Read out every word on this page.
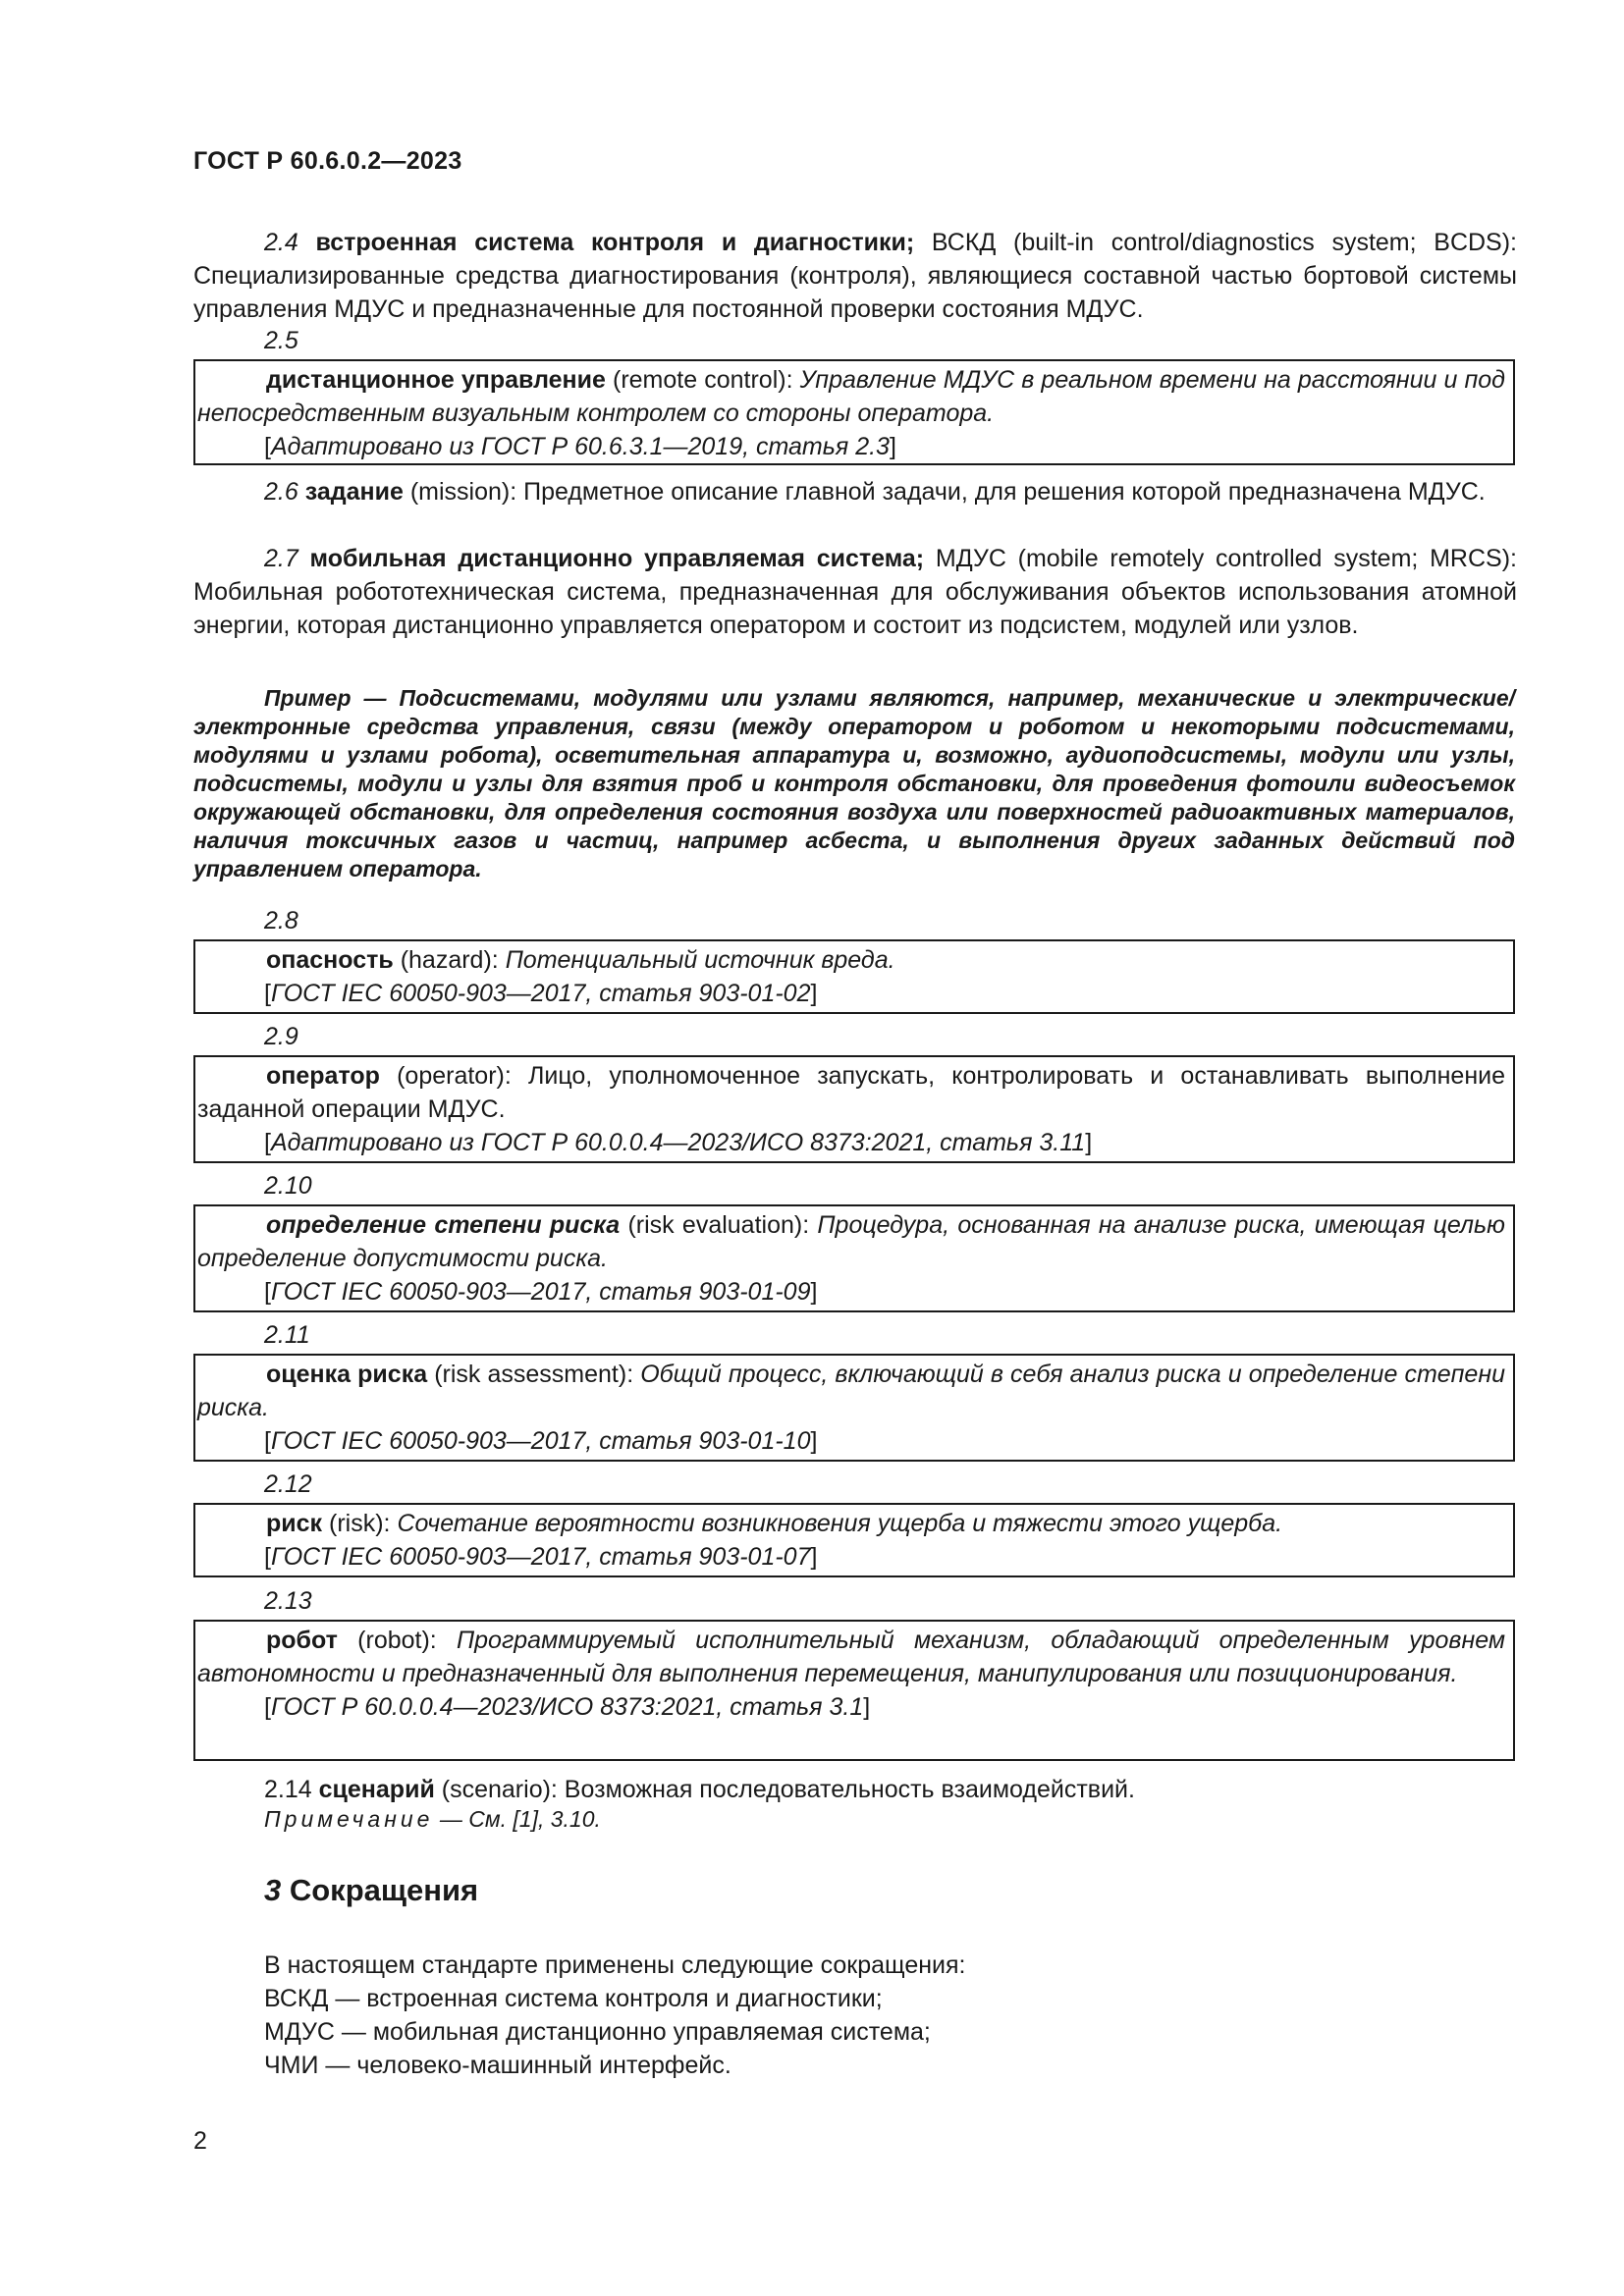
ГОСТ Р 60.6.0.2—2023
2.4 встроенная система контроля и диагностики; ВСКД (built-in control/diagnostics system; BCDS): Специализированные средства диагностирования (контроля), являющиеся составной частью бортовой системы управления МДУС и предназначенные для постоянной проверки состояния МДУС.
2.5
дистанционное управление (remote control): Управление МДУС в реальном времени на расстоянии и под непосредственным визуальным контролем со стороны оператора.
[Адаптировано из ГОСТ Р 60.6.3.1—2019, статья 2.3]
2.6 задание (mission): Предметное описание главной задачи, для решения которой предназначена МДУС.
2.7 мобильная дистанционно управляемая система; МДУС (mobile remotely controlled system; MRCS): Мобильная робототехническая система, предназначенная для обслуживания объектов использования атомной энергии, которая дистанционно управляется оператором и состоит из подсистем, модулей или узлов.
Пример — Подсистемами, модулями или узлами являются, например, механические и электрические/электронные средства управления, связи (между оператором и роботом и некоторыми подсистемами, модулями и узлами робота), осветительная аппаратура и, возможно, аудиоподсистемы, модули или узлы, подсистемы, модули и узлы для взятия проб и контроля обстановки, для проведения фотоили видеосъемок окружающей обстановки, для определения состояния воздуха или поверхностей радиоактивных материалов, наличия токсичных газов и частиц, например асбеста, и выполнения других заданных действий под управлением оператора.
2.8
опасность (hazard): Потенциальный источник вреда.
[ГОСТ IEC 60050-903—2017, статья 903-01-02]
2.9
оператор (operator): Лицо, уполномоченное запускать, контролировать и останавливать выполнение заданной операции МДУС.
[Адаптировано из ГОСТ Р 60.0.0.4—2023/ИСО 8373:2021, статья 3.11]
2.10
определение степени риска (risk evaluation): Процедура, основанная на анализе риска, имеющая целью определение допустимости риска.
[ГОСТ IEC 60050-903—2017, статья 903-01-09]
2.11
оценка риска (risk assessment): Общий процесс, включающий в себя анализ риска и определение степени риска.
[ГОСТ IEC 60050-903—2017, статья 903-01-10]
2.12
риск (risk): Сочетание вероятности возникновения ущерба и тяжести этого ущерба.
[ГОСТ IEC 60050-903—2017, статья 903-01-07]
2.13
робот (robot): Программируемый исполнительный механизм, обладающий определенным уровнем автономности и предназначенный для выполнения перемещения, манипулирования или позиционирования.
[ГОСТ Р 60.0.0.4—2023/ИСО 8373:2021, статья 3.1]
2.14 сценарий (scenario): Возможная последовательность взаимодействий.
Примечание — См. [1], 3.10.
3 Сокращения
В настоящем стандарте применены следующие сокращения:
ВСКД — встроенная система контроля и диагностики;
МДУС — мобильная дистанционно управляемая система;
ЧМИ — человеко-машинный интерфейс.
2
